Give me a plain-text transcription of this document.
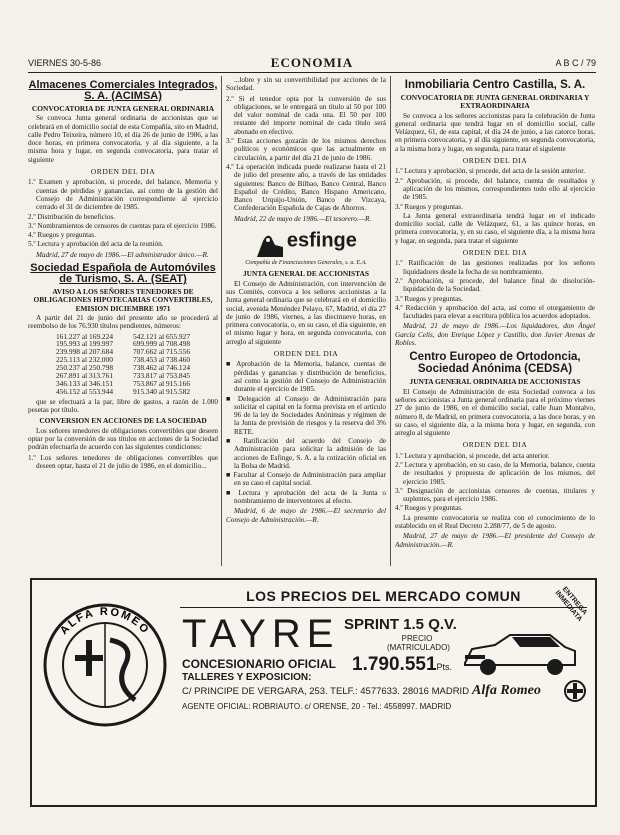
VIERNES 30-5-86	ECONOMIA	A B C / 79
Almacenes Comerciales Integrados, S. A. (ACIMSA)
CONVOCATORIA DE JUNTA GENERAL ORDINARIA

Se convoca Junta general ordinaria de accionistas que se celebrará en el domicilio social de esta Compañía, sito en Madrid, calle Pedro Teixeira, número 10, el día 26 de junio de 1986, a las doce horas, en primera convocatoria, y al día siguiente, a la misma hora y lugar, en segunda convocatoria, para tratar el siguiente

ORDEN DEL DIA
1.º Examen y aprobación, si procede, del balance, Memoria y cuentas de pérdidas y ganancias, así como de la gestión del Consejo de Administración correspondiente al ejercicio cerrado el 31 de diciembre de 1985.
2.º Distribución de beneficios.
3.º Nombramientos de censores de cuentas para el ejercicio 1986.
4.º Ruegos y preguntas.
5.º Lectura y aprobación del acta de la reunión.
Madrid, 27 de mayo de 1986.—El administrador único.—R.
Sociedad Española de Automóviles de Turismo, S. A. (SEAT)
AVISO A LOS SEÑORES TENEDORES DE OBLIGACIONES HIPOTECARIAS CONVERTIBLES, EMISION DICIEMBRE 1971

A partir del 21 de junio del presente año se procederá al reembolso de los 76.930 títulos pendientes, números:

161.227 al 169.224
195.993 al 199.997
239.998 al 207.684
225.113 al 232.000
250.237 al 250.798
267.891 al 313.761
346.133 al 346.151
456.152 al 553.944
542.121 al 655.927
699.999 al 708.498
707.662 al 715.556
738.453 al 738.460
738.462 al 746.124
733.817 al 753.845
753.867 al 915.166
915.340 al 915.582

que se efectuará a la par, libre de gastos, a razón de 1.000 pesetas por título.

CONVERSION EN ACCIONES DE LA SOCIEDAD

Los señores tenedores de obligaciones convertibles que deseen optar por la conversión de sus títulos en acciones de la Sociedad podrán efectuarla de acuerdo con las siguientes condiciones:

1.º Los señores tenedores de obligaciones convertibles que deseen optar, hasta el 21 de julio de 1986, en el domicilio...

...lobre y sin su convertibilidad por acciones de la Sociedad.

2.º Si el tenedor opta por la conversión de sus obligaciones, se le entregará un título al 50 por 100 del valor nominal de cada una. El 50 por 100 restante del importe nominal de cada título será abonado en efectivo.
3.º Estas acciones gozarán de los mismos derechos políticos y económicos que las actualmente en circulación, a partir del día 21 de junio de 1986.
4.º La operación indicada puede realizarse hasta el 21 de julio del presente año, a través de las entidades siguientes: Banco de Bilbao, Banco Central, Banco Español de Crédito, Banco Hispano Americano, Banco Urquijo-Unión, Banco de Vizcaya, Confederación Española de Cajas de Ahorros.
Madrid, 22 de mayo de 1986.—El tesorero.—R.
esfinge
Compañía de Financiaciones Generales, s. a. E.A.
JUNTA GENERAL DE ACCIONISTAS

El Consejo de Administración, con intervención de sus Comités, convoca a los señores accionistas a la Junta general ordinaria que se celebrará en el domicilio social, avenida Menéndez Pelayo, 67, Madrid, el día 27 de junio de 1986, viernes, a las diecinueve horas, en primera convocatoria, o, en su caso, el día siguiente, en el mismo lugar y hora, en segunda convocatoria, con arreglo al siguiente

ORDEN DEL DIA
■ Aprobación de la Memoria, balance, cuentas de pérdidas y ganancias y distribución de beneficios, así como la gestión del Consejo de Administración durante el ejercicio de 1985.
■ Delegación al Consejo de Administración para solicitar el capital en la forma prevista en el artículo 96 de la ley de Sociedades Anónimas y régimen de la Junta de previsión de riesgos y la reserva del 3% RETE.
■ Ratificación del acuerdo del Consejo de Administración para solicitar la admisión de las acciones de Esfinge, S. A. a la cotización oficial en la Bolsa de Madrid.
■ Facultar al Consejo de Administración para ampliar en su caso el capital social.
■ Lectura y aprobación del acta de la Junta o nombramiento de interventores al efecto.
Madrid, 6 de mayo de 1986.—El secretario del Consejo de Administración.—R.
Inmobiliaria Centro Castilla, S. A.
CONVOCATORIA DE JUNTA GENERAL ORDINARIA Y EXTRAORDINARIA

Se convoca a los señores accionistas para la celebración de Junta general ordinaria que tendrá lugar en el domicilio social, calle Velázquez, 61, de esta capital, el día 24 de junio, a las catorce horas, en primera convocatoria, y al día siguiente, en segunda convocatoria, a la misma hora y lugar, en segunda, para tratar el siguiente

ORDEN DEL DIA
1.º Lectura y aprobación, si procede, del acta de la sesión anterior.
2.º Aprobación, si procede, del balance, cuenta de resultados y aplicación de los mismos, correspondientes todo ello al ejercicio de 1985.
3.º Ruegos y preguntas.

La Junta general extraordinaria tendrá lugar en el indicado domicilio social, calle de Velázquez, 61, a las quince horas, en primera convocatoria, y, en su caso, el siguiente día, a la misma hora y lugar, en segunda, para tratar el siguiente

ORDEN DEL DIA
1.º Ratificación de las gestiones realizadas por los señores liquidadores desde la fecha de su nombramiento.
2.º Aprobación, si procede, del balance final de disolución-liquidación de la Sociedad.
3.º Ruegos y preguntas.
4.º Redacción y aprobación del acta, así como el otorgamiento de facultades para elevar a escritura pública los acuerdos adoptados.
Madrid, 21 de mayo de 1986.—Los liquidadores, don Ángel García Celis, don Enrique López y Castillo, don Javier Arenas de Robles.
Centro Europeo de Ortodoncia, Sociedad Anónima (CEDSA)
JUNTA GENERAL ORDINARIA DE ACCIONISTAS

El Consejo de Administración de esta Sociedad convoca a los señores accionistas a Junta general ordinaria para el próximo viernes 27 de junio de 1986, en el domicilio social, calle Juan Montalvo, número 8, de Madrid, en primera convocatoria, a las doce horas, y en su caso, el siguiente día, a la misma hora y lugar, en segunda, con arreglo al siguiente

ORDEN DEL DIA
1.º Lectura y aprobación, si procede, del acta anterior.
2.º Lectura y aprobación, en su caso, de la Memoria, balance, cuenta de resultados y propuesta de aplicación de los mismos, del ejercicio 1985.
3.º Designación de accionistas censores de cuentas, titulares y suplentes, para el ejercicio 1986.
4.º Ruegos y preguntas.

La presente convocatoria se realiza con el conocimiento de lo establecido en el Real Decreto 2.288/77, de 5 de agosto.

Madrid, 27 de mayo de 1986.—El presidente del Consejo de Administración.—R.
ALFA ROMEO
LOS PRECIOS DEL MERCADO COMUN
TAYRE
CONCESIONARIO OFICIAL
TALLERES Y EXPOSICION:
C/ PRINCIPE DE VERGARA, 253. TELF.: 4577633. 28016 MADRID
AGENTE OFICIAL: ROBRIAUTO. c/ ORENSE, 20 - Tel.: 4558997. MADRID
SPRINT 1.5 Q.V.
PRECIO
(MATRICULADO)
1.790.551Pts.
ENTREGA INMEDIATA
Alfa Romeo
